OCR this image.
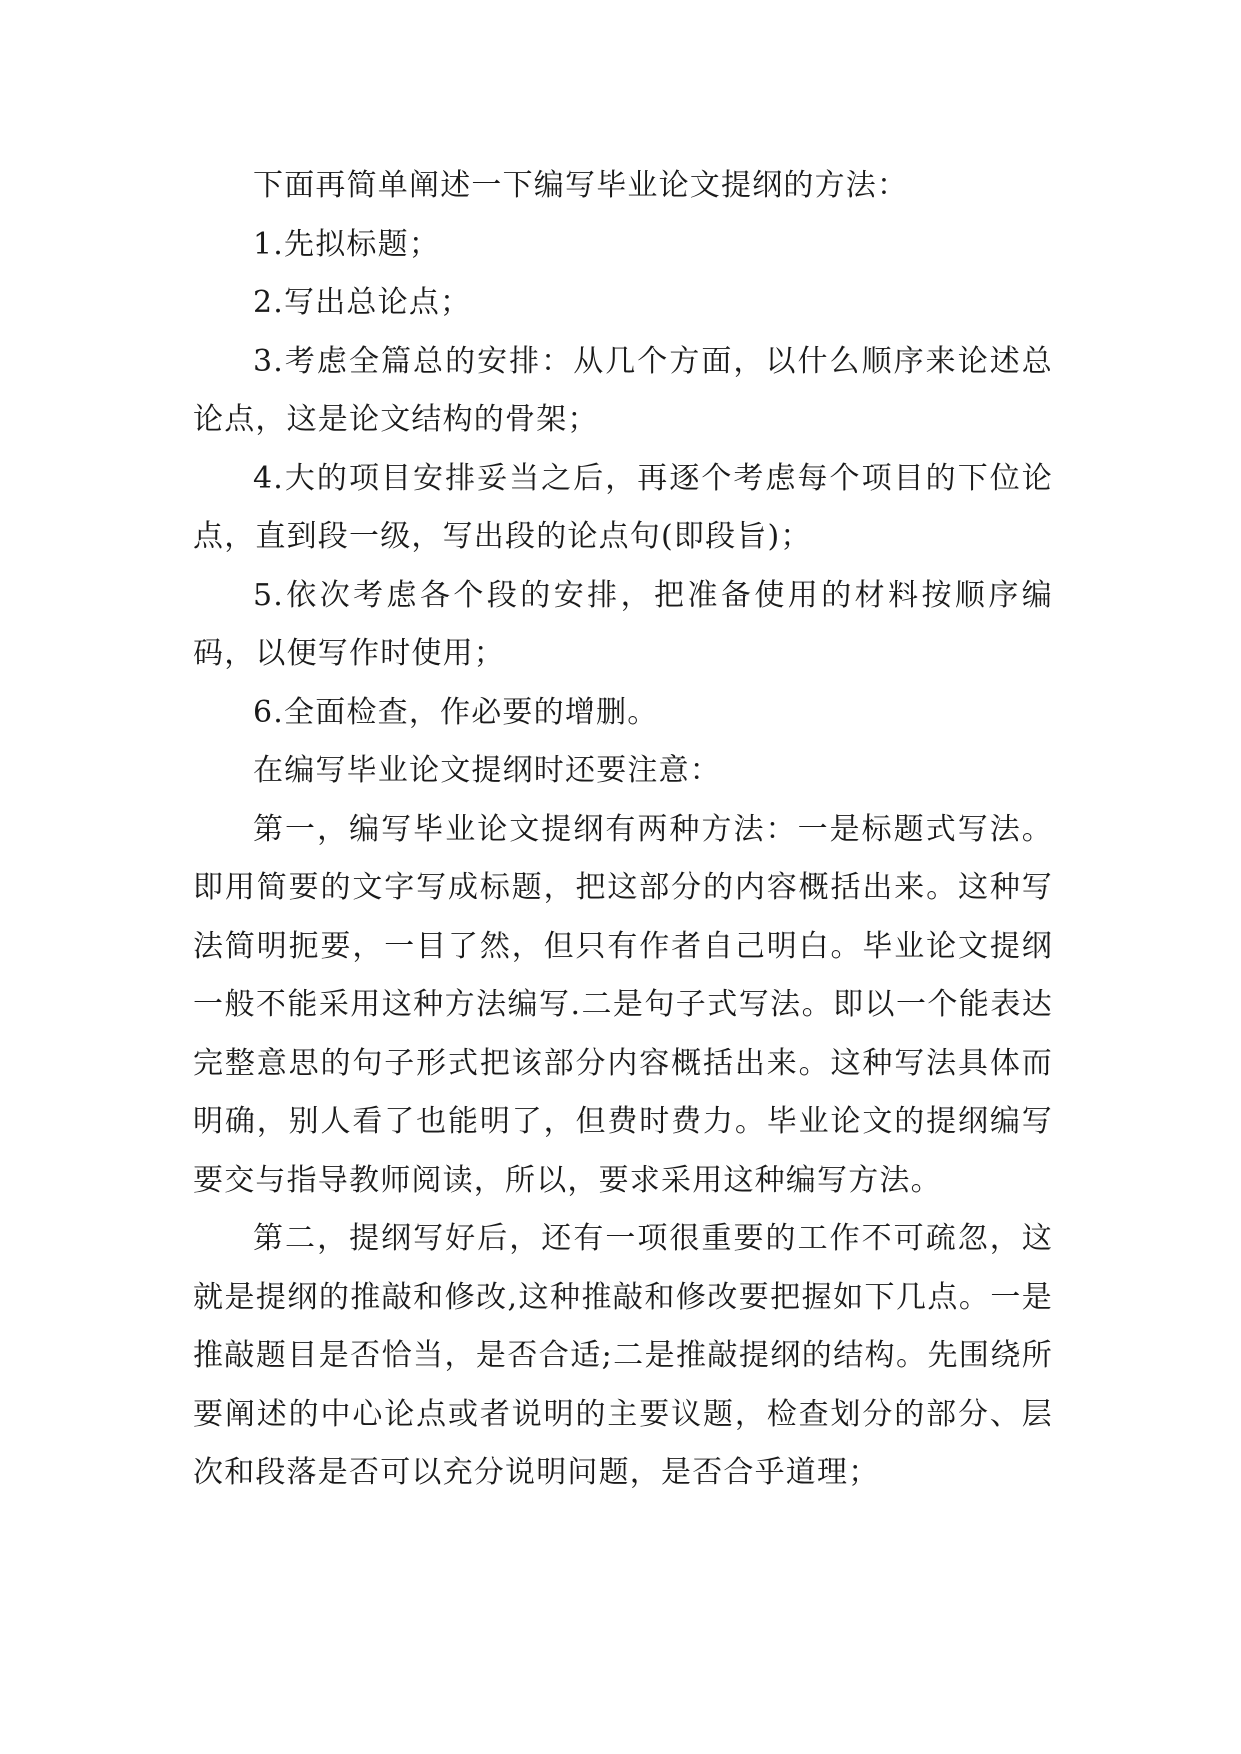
下面再简单阐述一下编写毕业论文提纲的方法：

1.先拟标题；

2.写出总论点；

3.考虑全篇总的安排：从几个方面，以什么顺序来论述总论点，这是论文结构的骨架；

4.大的项目安排妥当之后，再逐个考虑每个项目的下位论点，直到段一级，写出段的论点句(即段旨)；

5.依次考虑各个段的安排，把准备使用的材料按顺序编码，以便写作时使用；

6.全面检查，作必要的增删。

在编写毕业论文提纲时还要注意：

第一，编写毕业论文提纲有两种方法：一是标题式写法。即用简要的文字写成标题，把这部分的内容概括出来。这种写法简明扼要，一目了然，但只有作者自己明白。毕业论文提纲一般不能采用这种方法编写.二是句子式写法。即以一个能表达完整意思的句子形式把该部分内容概括出来。这种写法具体而明确，别人看了也能明了，但费时费力。毕业论文的提纲编写要交与指导教师阅读，所以，要求采用这种编写方法。

第二，提纲写好后，还有一项很重要的工作不可疏忽，这就是提纲的推敲和修改,这种推敲和修改要把握如下几点。一是推敲题目是否恰当，是否合适;二是推敲提纲的结构。先围绕所要阐述的中心论点或者说明的主要议题，检查划分的部分、层次和段落是否可以充分说明问题，是否合乎道理；
